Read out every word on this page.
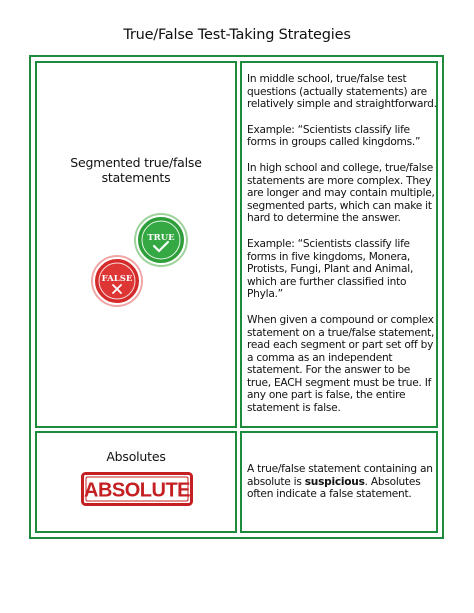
True/False Test-Taking Strategies
Segmented true/false statements
TRUE
FALSE

In middle school, true/false test questions (actually statements) are relatively simple and straightforward.

Example: “Scientists classify life forms in groups called kingdoms.”

In high school and college, true/false statements are more complex. They are longer and may contain multiple, segmented parts, which can make it hard to determine the answer.

Example: “Scientists classify life forms in five kingdoms, Monera, Protists, Fungi, Plant and Animal, which are further classified into Phyla.”

When given a compound or complex statement on a true/false statement, read each segment or part set off by a comma as an independent statement. For the answer to be true, EACH segment must be true. If any one part is false, the entire statement is false.

Absolutes
ABSOLUTE
A true/false statement containing an absolute is suspicious. Absolutes often indicate a false statement.
